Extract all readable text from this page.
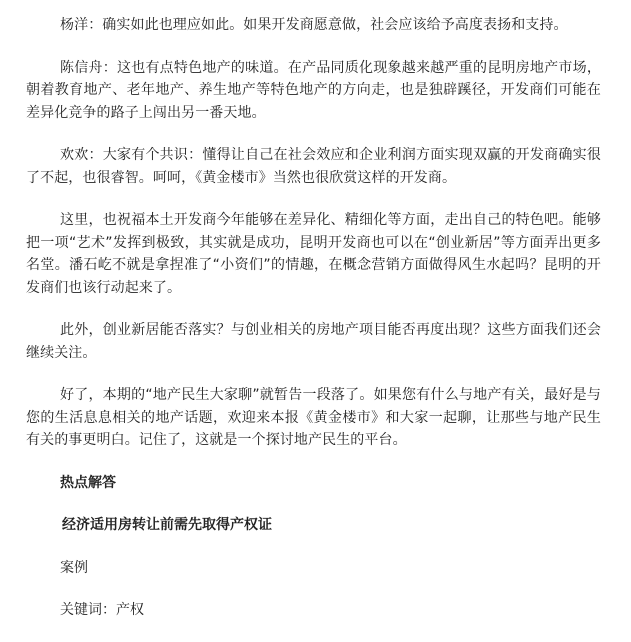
杨洋：确实如此也理应如此。如果开发商愿意做，社会应该给予高度表扬和支持。

陈信舟：这也有点特色地产的味道。在产品同质化现象越来越严重的昆明房地产市场，朝着教育地产、老年地产、养生地产等特色地产的方向走，也是独辟蹊径，开发商们可能在差异化竞争的路子上闯出另一番天地。

欢欢：大家有个共识：懂得让自己在社会效应和企业利润方面实现双赢的开发商确实很了不起，也很睿智。呵呵，《黄金楼市》当然也很欣赏这样的开发商。

这里，也祝福本土开发商今年能够在差异化、精细化等方面，走出自己的特色吧。能够把一项“艺术”发挥到极致，其实就是成功，昆明开发商也可以在“创业新居”等方面弄出更多名堂。潘石屹不就是拿捏准了“小资们”的情趣，在概念营销方面做得风生水起吗？昆明的开发商们也该行动起来了。

此外，创业新居能否落实？与创业相关的房地产项目能否再度出现？这些方面我们还会继续关注。

好了，本期的“地产民生大家聊”就暂告一段落了。如果您有什么与地产有关，最好是与您的生活息息相关的地产话题，欢迎来本报《黄金楼市》和大家一起聊，让那些与地产民生有关的事更明白。记住了，这就是一个探讨地产民生的平台。

热点解答

经济适用房转让前需先取得产权证

案例

关键词：产权
